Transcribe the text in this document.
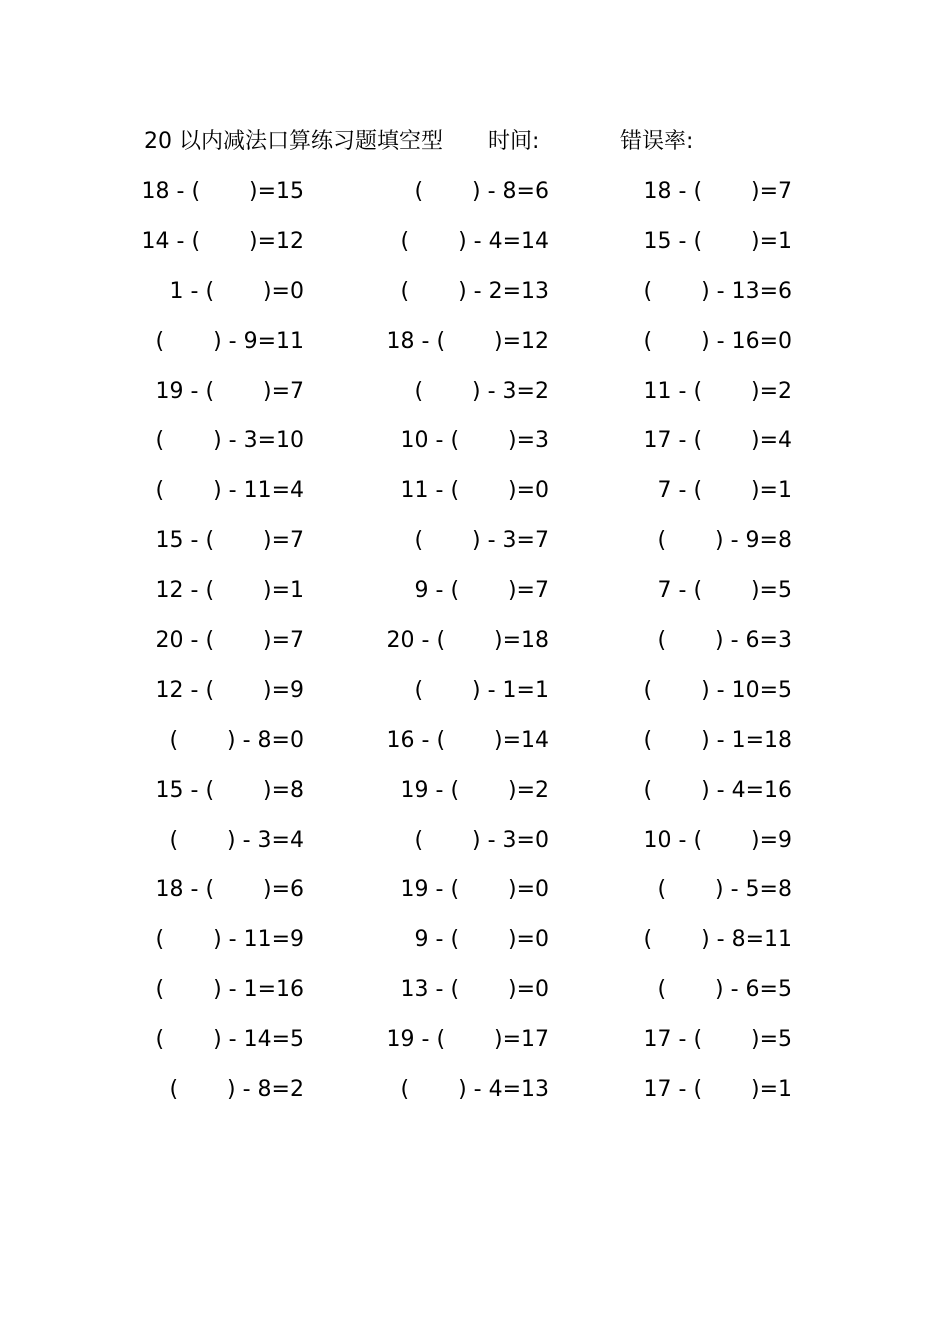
20 以内减法口算练习题填空型 时间:	错误率:
18 - (       )=15	(       ) - 8=6	18 - (       )=7
14 - (       )=12	(       ) - 4=14	15 - (       )=1
1 - (       )=0	(       ) - 2=13	(       ) - 13=6
(       ) - 9=11	18 - (       )=12	(       ) - 16=0
19 - (       )=7	(       ) - 3=2	11 - (       )=2
(       ) - 3=10	10 - (       )=3	17 - (       )=4
(       ) - 11=4	11 - (       )=0	7 - (       )=1
15 - (       )=7	(       ) - 3=7	(       ) - 9=8
12 - (       )=1	9 - (       )=7	7 - (       )=5
20 - (       )=7	20 - (       )=18	(       ) - 6=3
12 - (       )=9	(       ) - 1=1	(       ) - 10=5
(       ) - 8=0	16 - (       )=14	(       ) - 1=18
15 - (       )=8	19 - (       )=2	(       ) - 4=16
(       ) - 3=4	(       ) - 3=0	10 - (       )=9
18 - (       )=6	19 - (       )=0	(       ) - 5=8
(       ) - 11=9	9 - (       )=0	(       ) - 8=11
(       ) - 1=16	13 - (       )=0	(       ) - 6=5
(       ) - 14=5	19 - (       )=17	17 - (       )=5
(       ) - 8=2	(       ) - 4=13	17 - (       )=1
